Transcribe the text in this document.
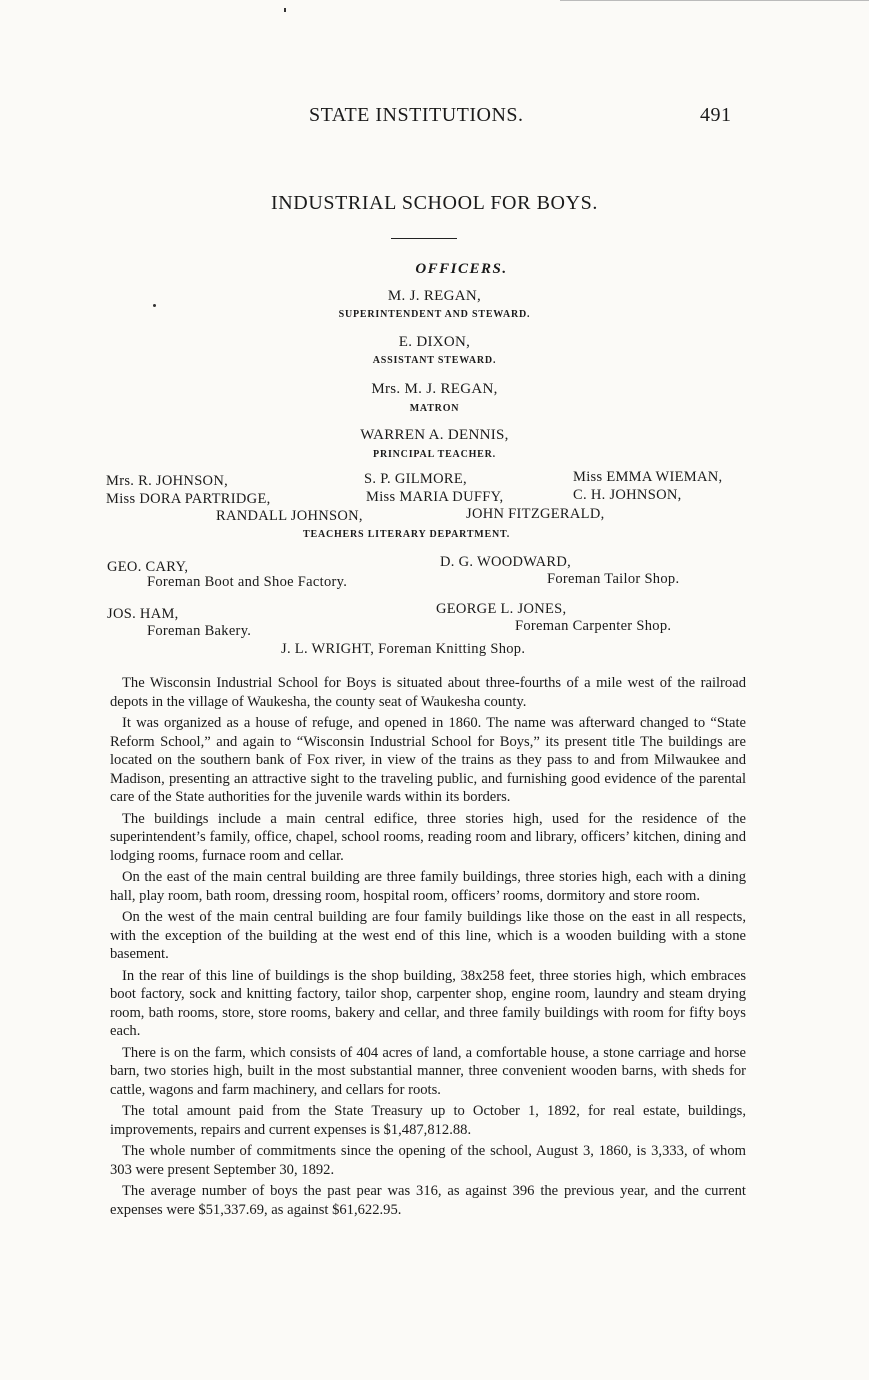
STATE INSTITUTIONS.	491
INDUSTRIAL SCHOOL FOR BOYS.
OFFICERS.
M. J. REGAN,
SUPERINTENDENT AND STEWARD.
E. DIXON,
ASSISTANT STEWARD.
Mrs. M. J. REGAN,
MATRON
WARREN A. DENNIS,
PRINCIPAL TEACHER.
Mrs. R. JOHNSON,	S. P. GILMORE,	Miss EMMA WIEMAN,
Miss DORA PARTRIDGE,	Miss MARIA DUFFY,	C. H. JOHNSON,
RANDALL JOHNSON,	JOHN FITZGERALD,
TEACHERS LITERARY DEPARTMENT.
GEO. CARY,
Foreman Boot and Shoe Factory.
D. G. WOODWARD,
Foreman Tailor Shop.
JOS. HAM,
Foreman Bakery.
GEORGE L. JONES,
Foreman Carpenter Shop.
J. L. WRIGHT, Foreman Knitting Shop.

The Wisconsin Industrial School for Boys is situated about three-fourths of a mile west of the railroad depots in the village of Waukesha, the county seat of Waukesha county.

It was organized as a house of refuge, and opened in 1860. The name was afterward changed to “State Reform School,” and again to “Wisconsin Industrial School for Boys,” its present title The buildings are located on the southern bank of Fox river, in view of the trains as they pass to and from Milwaukee and Madison, presenting an attractive sight to the traveling public, and furnishing good evidence of the parental care of the State authorities for the juvenile wards within its borders.

The buildings include a main central edifice, three stories high, used for the residence of the superintendent’s family, office, chapel, school rooms, reading room and library, officers’ kitchen, dining and lodging rooms, furnace room and cellar.

On the east of the main central building are three family buildings, three stories high, each with a dining hall, play room, bath room, dressing room, hospital room, officers’ rooms, dormitory and store room.

On the west of the main central building are four family buildings like those on the east in all respects, with the exception of the building at the west end of this line, which is a wooden building with a stone basement.

In the rear of this line of buildings is the shop building, 38x258 feet, three stories high, which embraces boot factory, sock and knitting factory, tailor shop, carpenter shop, engine room, laundry and steam drying room, bath rooms, store, store rooms, bakery and cellar, and three family buildings with room for fifty boys each.

There is on the farm, which consists of 404 acres of land, a comfortable house, a stone carriage and horse barn, two stories high, built in the most substantial manner, three convenient wooden barns, with sheds for cattle, wagons and farm machinery, and cellars for roots.

The total amount paid from the State Treasury up to October 1, 1892, for real estate, buildings, improvements, repairs and current expenses is $1,487,812.88.

The whole number of commitments since the opening of the school, August 3, 1860, is 3,333, of whom 303 were present September 30, 1892.

The average number of boys the past pear was 316, as against 396 the previous year, and the current expenses were $51,337.69, as against $61,622.95.
